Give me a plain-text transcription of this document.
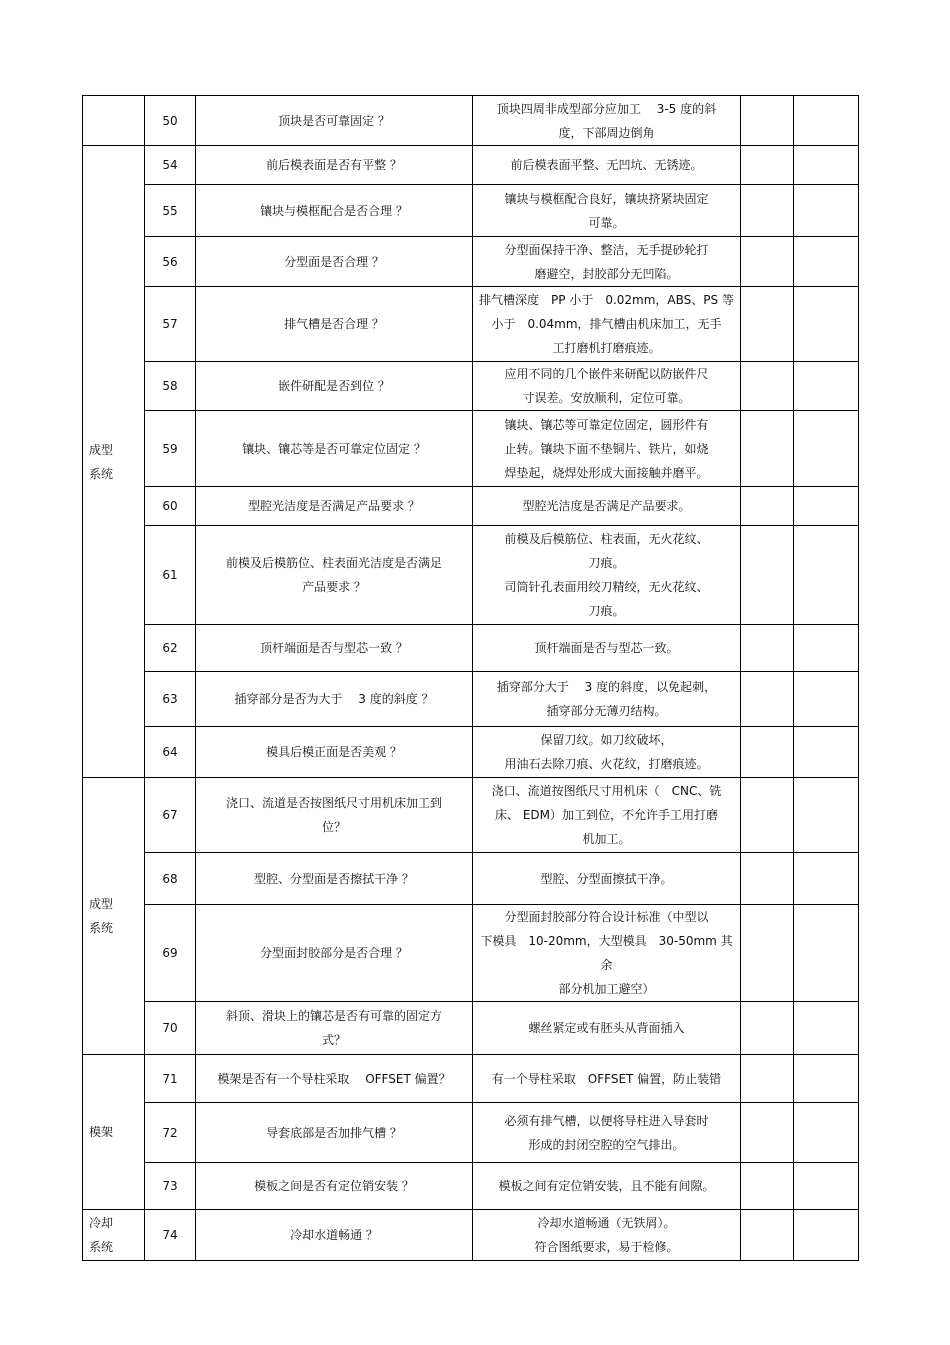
	50	顶块是否可靠固定 ？	顶块四周非成型部分应加工　 3-5 度的斜
度，下部周边倒角		

成型
系统	54	前后模表面是否有平整 ？	前后模表面平整、无凹坑、无锈迹。		

	55	镶块与模框配合是否合理 ？	镶块与模框配合良好，镶块挤紧块固定
可靠。		

	56	分型面是否合理 ？	分型面保持干净、整洁，无手提砂轮打
磨避空，封胶部分无凹陷。		

	57	排气槽是否合理 ？	排气槽深度　PP 小于　0.02mm，ABS、PS 等
小于　0.04mm，排气槽由机床加工，无手
工打磨机打磨痕迹。		

	58	嵌件研配是否到位 ？	应用不同的几个嵌件来研配以防嵌件尺
寸误差。安放顺利，定位可靠。		

	59	镶块、镶芯等是否可靠定位固定 ？	镶块、镶芯等可靠定位固定，圆形件有
止转。镶块下面不垫铜片、铁片，如烧
焊垫起，烧焊处形成大面接触并磨平。		

	60	型腔光洁度是否满足产品要求 ？	型腔光洁度是否满足产品要求。		

	61	前模及后模筋位、柱表面光洁度是否满足
产品要求 ？	前模及后模筋位、柱表面，无火花纹、
刀痕。
司筒针孔表面用绞刀精绞，无火花纹、
刀痕。		

	62	顶杆端面是否与型芯一致 ？	顶杆端面是否与型芯一致。		

	63	插穿部分是否为大于　 3 度的斜度 ？	插穿部分大于　 3 度的斜度，以免起刺，
插穿部分无薄刃结构。		

	64	模具后模正面是否美观 ？	保留刀纹。如刀纹破坏，
用油石去除刀痕、火花纹，打磨痕迹。		

成型
系统	67	浇口、流道是否按图纸尺寸用机床加工到
位？	浇口、流道按图纸尺寸用机床（　CNC、铣
床、 EDM）加工到位，不允许手工用打磨
机加工。		

	68	型腔、分型面是否擦拭干净 ？	型腔、分型面擦拭干净。		

	69	分型面封胶部分是否合理 ？	分型面封胶部分符合设计标准（中型以
下模具　10-20mm，大型模具　30-50mm 其余
部分机加工避空）		

	70	斜顶、滑块上的镶芯是否有可靠的固定方
式？	螺丝紧定或有胚头从背面插入		

模架	71	模架是否有一个导柱采取　 OFFSET 偏置？	有一个导柱采取　OFFSET 偏置，防止装错		

	72	导套底部是否加排气槽 ？	必须有排气槽，以便将导柱进入导套时
形成的封闭空腔的空气排出。		

	73	模板之间是否有定位销安装 ？	模板之间有定位销安装，且不能有间隙。		

冷却
系统	74	冷却水道畅通 ？	冷却水道畅通（无铁屑）。
符合图纸要求，易于检修。		
